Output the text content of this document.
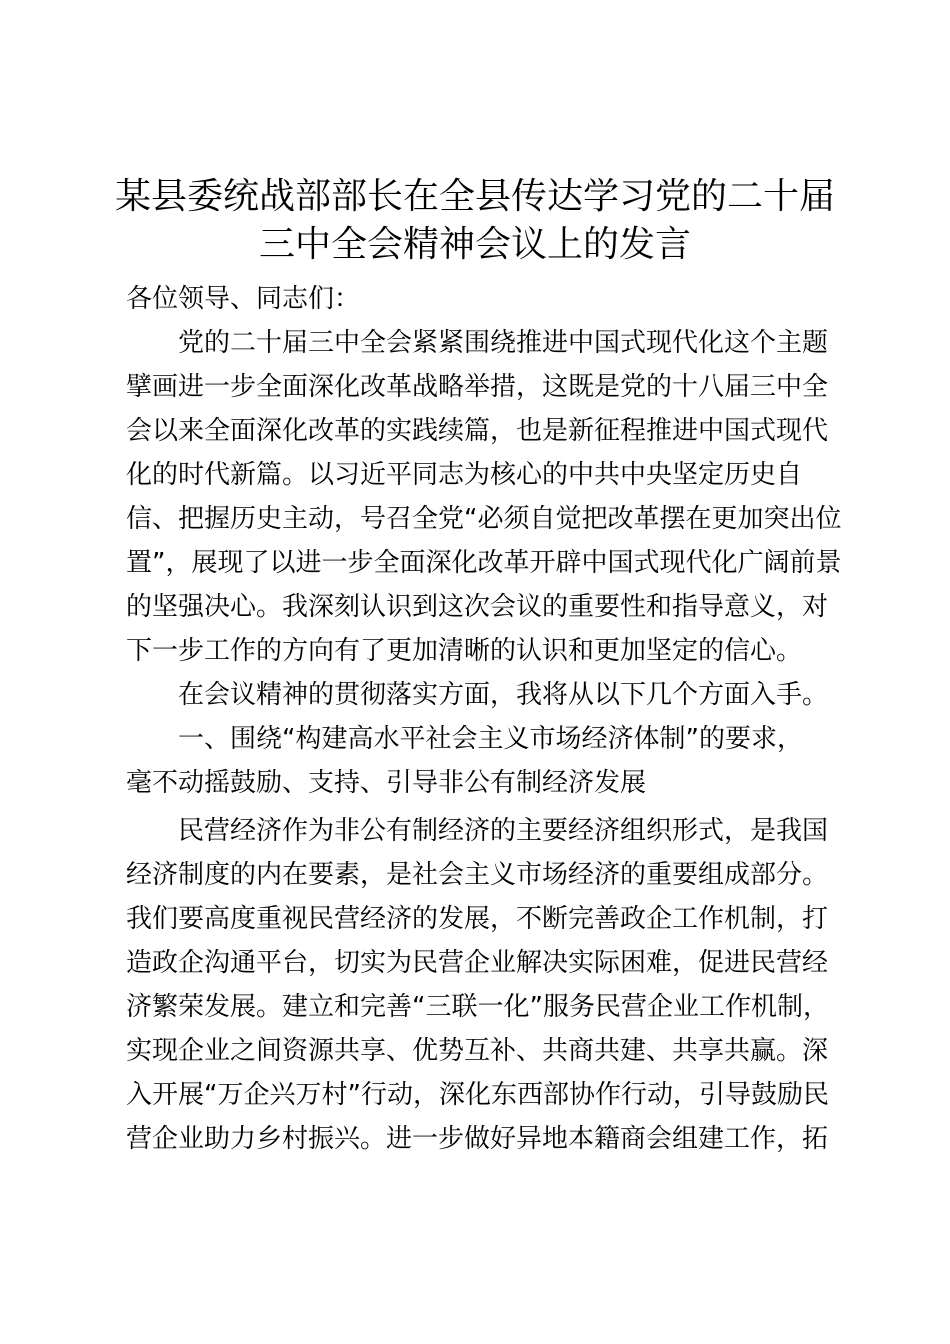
某县委统战部部长在全县传达学习党的二十届
三中全会精神会议上的发言

各位领导、同志们：

　　党的二十届三中全会紧紧围绕推进中国式现代化这个主题

擘画进一步全面深化改革战略举措，这既是党的十八届三中全

会以来全面深化改革的实践续篇，也是新征程推进中国式现代

化的时代新篇。以习近平同志为核心的中共中央坚定历史自

信、把握历史主动，号召全党“必须自觉把改革摆在更加突出位

置”，展现了以进一步全面深化改革开辟中国式现代化广阔前景

的坚强决心。我深刻认识到这次会议的重要性和指导意义，对

下一步工作的方向有了更加清晰的认识和更加坚定的信心。

　　在会议精神的贯彻落实方面，我将从以下几个方面入手。

　　一、围绕“构建高水平社会主义市场经济体制”的要求，

毫不动摇鼓励、支持、引导非公有制经济发展

　　民营经济作为非公有制经济的主要经济组织形式，是我国

经济制度的内在要素，是社会主义市场经济的重要组成部分。

我们要高度重视民营经济的发展，不断完善政企工作机制，打

造政企沟通平台，切实为民营企业解决实际困难，促进民营经

济繁荣发展。建立和完善“三联一化”服务民营企业工作机制，

实现企业之间资源共享、优势互补、共商共建、共享共赢。深

入开展“万企兴万村”行动，深化东西部协作行动，引导鼓励民

营企业助力乡村振兴。进一步做好异地本籍商会组建工作，拓
